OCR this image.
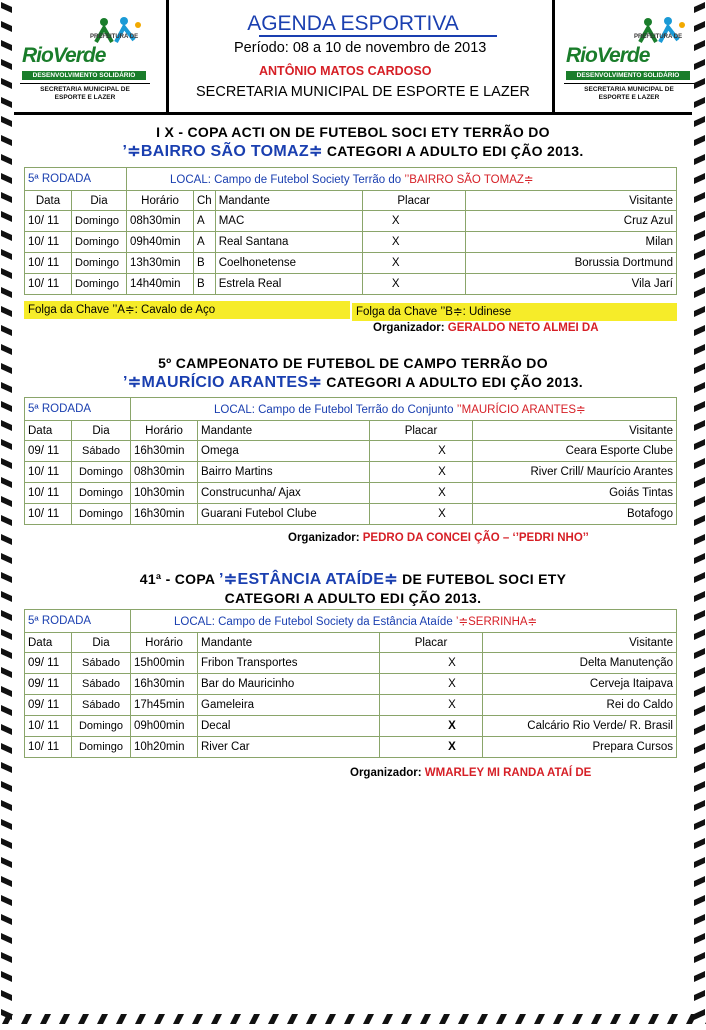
PREFEITURA DE
RioVerde
DESENVOLVIMENTO SOLIDÁRIO
SECRETARIA MUNICIPAL DE
ESPORTE E LAZER
PREFEITURA DE
RioVerde
DESENVOLVIMENTO SOLIDÁRIO
SECRETARIA MUNICIPAL DE
ESPORTE E LAZER
AGENDA ESPORTIVA
Período: 08 a 10 de novembro de 2013
ANTÔNIO MATOS CARDOSO
SECRETARIA MUNICIPAL DE ESPORTE E LAZER
I X - COPA ACTI ON DE FUTEBOL SOCI ETY TERRÃO DO
’≑BAIRRO SÃO TOMAZ≑ CATEGORI A ADULTO EDI ÇÃO 2013.
5ª RODADA		LOCAL: Campo de Futebol Society Terrão do ’’BAIRRO SÃO TOMAZ≑					
Data	Dia	Horário	Ch	Mandante	Placar		Visitante
10/ 11	Domingo	08h30min	A	MAC	X		Cruz Azul
10/ 11	Domingo	09h40min	A	Real Santana	X		Milan
10/ 11	Domingo	13h30min	B	Coelhonetense	X		Borussia Dortmund
10/ 11	Domingo	14h40min	B	Estrela Real	X		Vila Jarí
Folga da Chave ’’A≑: Cavalo de Aço	Folga da Chave ’’B≑: Udinese
Organizador: GERALDO NETO ALMEI DA
5º CAMPEONATO DE FUTEBOL DE CAMPO TERRÃO DO
’≑MAURÍCIO ARANTES≑ CATEGORI A ADULTO EDI ÇÃO 2013.
5ª RODADA		LOCAL: Campo de Futebol Terrão do Conjunto ’’MAURÍCIO ARANTES≑				
Data	Dia	Horário	Mandante	Placar		Visitante
09/ 11	Sábado	16h30min	Omega		X	Ceara Esporte Clube
10/ 11	Domingo	08h30min	Bairro Martins		X	River Crill/ Maurício Arantes
10/ 11	Domingo	10h30min	Construcunha/ Ajax		X	Goiás Tintas
10/ 11	Domingo	16h30min	Guarani Futebol Clube		X	Botafogo
Organizador: PEDRO DA CONCEI ÇÃO – ‘’PEDRI NHO’’
41ª - COPA ’≑ESTÂNCIA ATAÍDE≑ DE FUTEBOL SOCI ETY
CATEGORI A ADULTO EDI ÇÃO 2013.
5ª RODADA		LOCAL: Campo de Futebol Society da Estância Ataíde ’≑SERRINHA≑				
Data	Dia	Horário	Mandante	Placar		Visitante
09/ 11	Sábado	15h00min	Fribon Transportes		X	Delta Manutenção
09/ 11	Sábado	16h30min	Bar do Mauricinho		X	Cerveja Itaipava
09/ 11	Sábado	17h45min	Gameleira		X	Rei do Caldo
10/ 11	Domingo	09h00min	Decal		X	Calcário Rio Verde/ R. Brasil
10/ 11	Domingo	10h20min	River Car		X	Prepara Cursos
Organizador: WMARLEY MI RANDA ATAÍ DE
